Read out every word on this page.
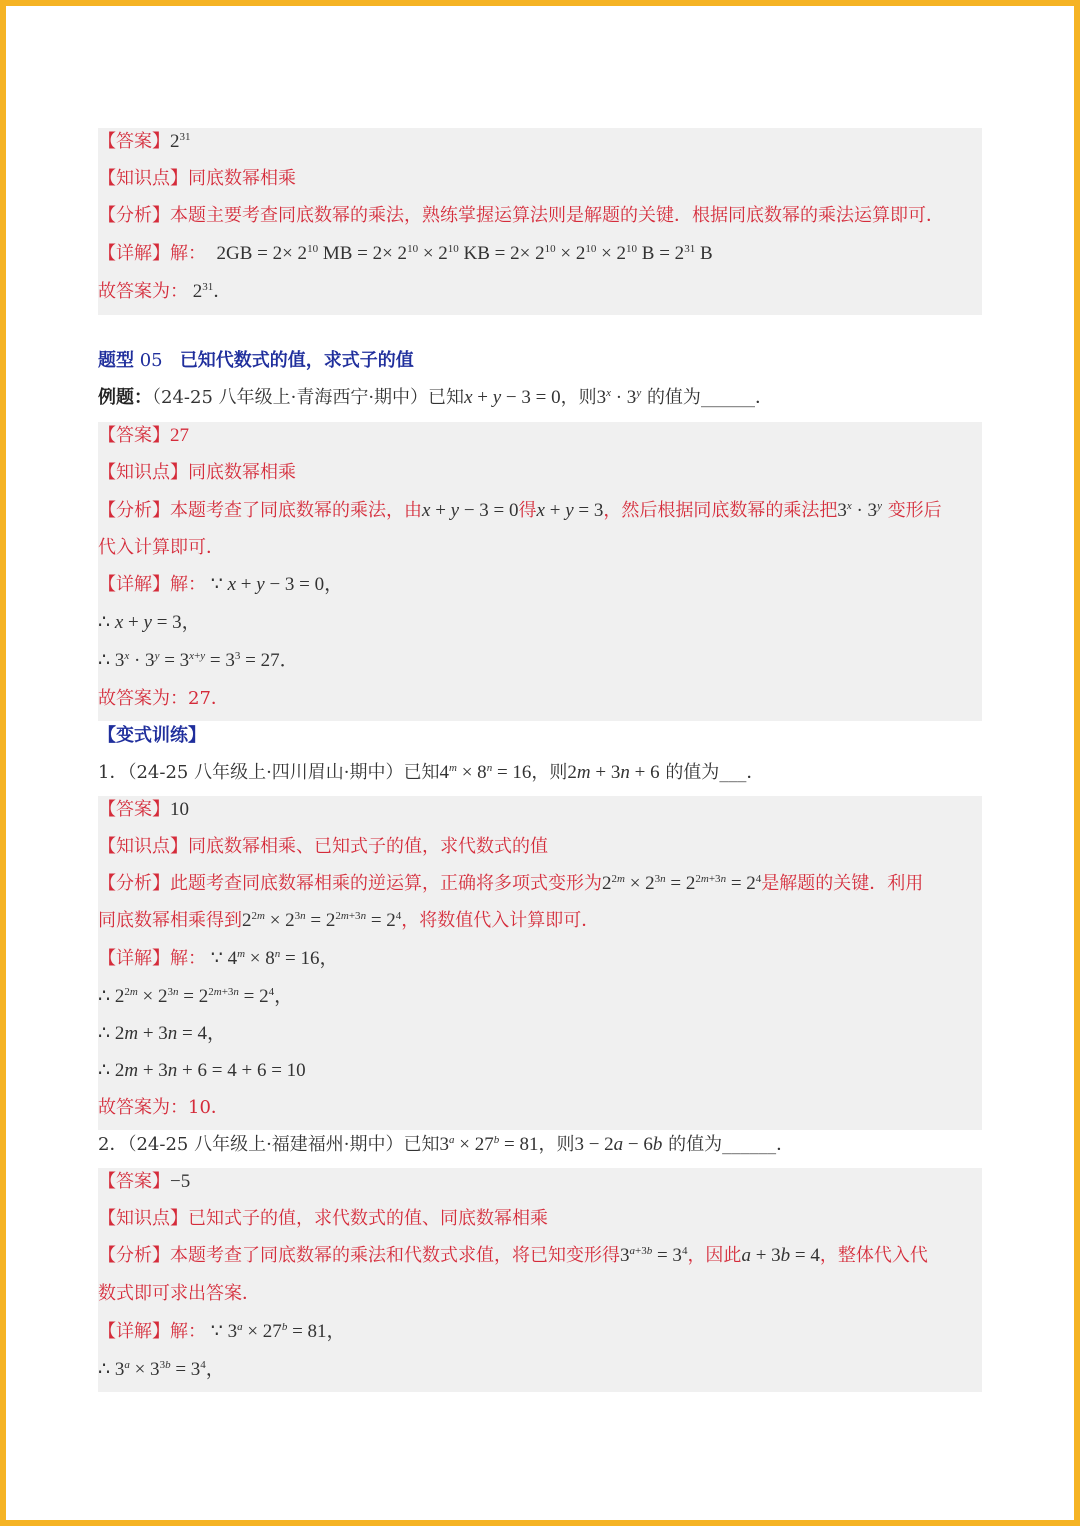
【答案】$2^{31}$
【知识点】同底数幂相乘
【分析】本题主要考查同底数幂的乘法，熟练掌握运算法则是解题的关键．根据同底数幂的乘法运算即可．
【详解】解：  $2GB = 2\times 2^{10}$ MB = $2\times 2^{10} \times 2^{10}$ KB = $2\times 2^{10} \times 2^{10} \times 2^{10}$ $B = 2^{31}$ B
故答案为： $2^{31}$．
题型 05 已知代数式的值，求式子的值
例题：（24-25 八年级上·青海西宁·期中）已知x + y − 3 = 0，则$3^x \cdot 3^y$ 的值为______．
【答案】27
【知识点】同底数幂相乘
【分析】本题考查了同底数幂的乘法，由x + y − 3 = 0得x + y = 3，然后根据同底数幂的乘法把$3^x \cdot 3^y$ 变形后
代入计算即可．
【详解】解： ∵ x + y − 3 = 0，
∴ x + y = 3，
∴ $3^x \cdot 3^y = 3^{x+y} = 3^3 = 27$．
故答案为：27．
【变式训练】
1．（24-25 八年级上·四川眉山·期中）已知$4^m \times 8^n = 16$，则2m + 3n + 6 的值为___．
【答案】10
【知识点】同底数幂相乘、已知式子的值，求代数式的值
【分析】此题考查同底数幂相乘的逆运算，正确将多项式变形为$2^{2m} \times 2^{3n} = 2^{2m+3n} = 2^4$是解题的关键．利用
同底数幂相乘得到$2^{2m} \times 2^{3n} = 2^{2m+3n} = 2^4$，将数值代入计算即可．
【详解】解： ∵ $4^m \times 8^n = 16$，
∴ $2^{2m} \times 2^{3n} = 2^{2m+3n} = 2^4$，
∴ 2m + 3n = 4，
∴ 2m + 3n + 6 = 4 + 6 = 10
故答案为：10．
2．（24-25 八年级上·福建福州·期中）已知$3^a \times 27^b = 81$，则3 − 2a − 6b 的值为______．
【答案】−5
【知识点】已知式子的值，求代数式的值、同底数幂相乘
【分析】本题考查了同底数幂的乘法和代数式求值，将已知变形得$3^{a+3b} = 3^4$，因此a + 3b = 4，整体代入代
数式即可求出答案．
【详解】解： ∵ $3^a \times 27^b = 81$，
∴ $3^a \times 3^{3b} = 3^4$，
